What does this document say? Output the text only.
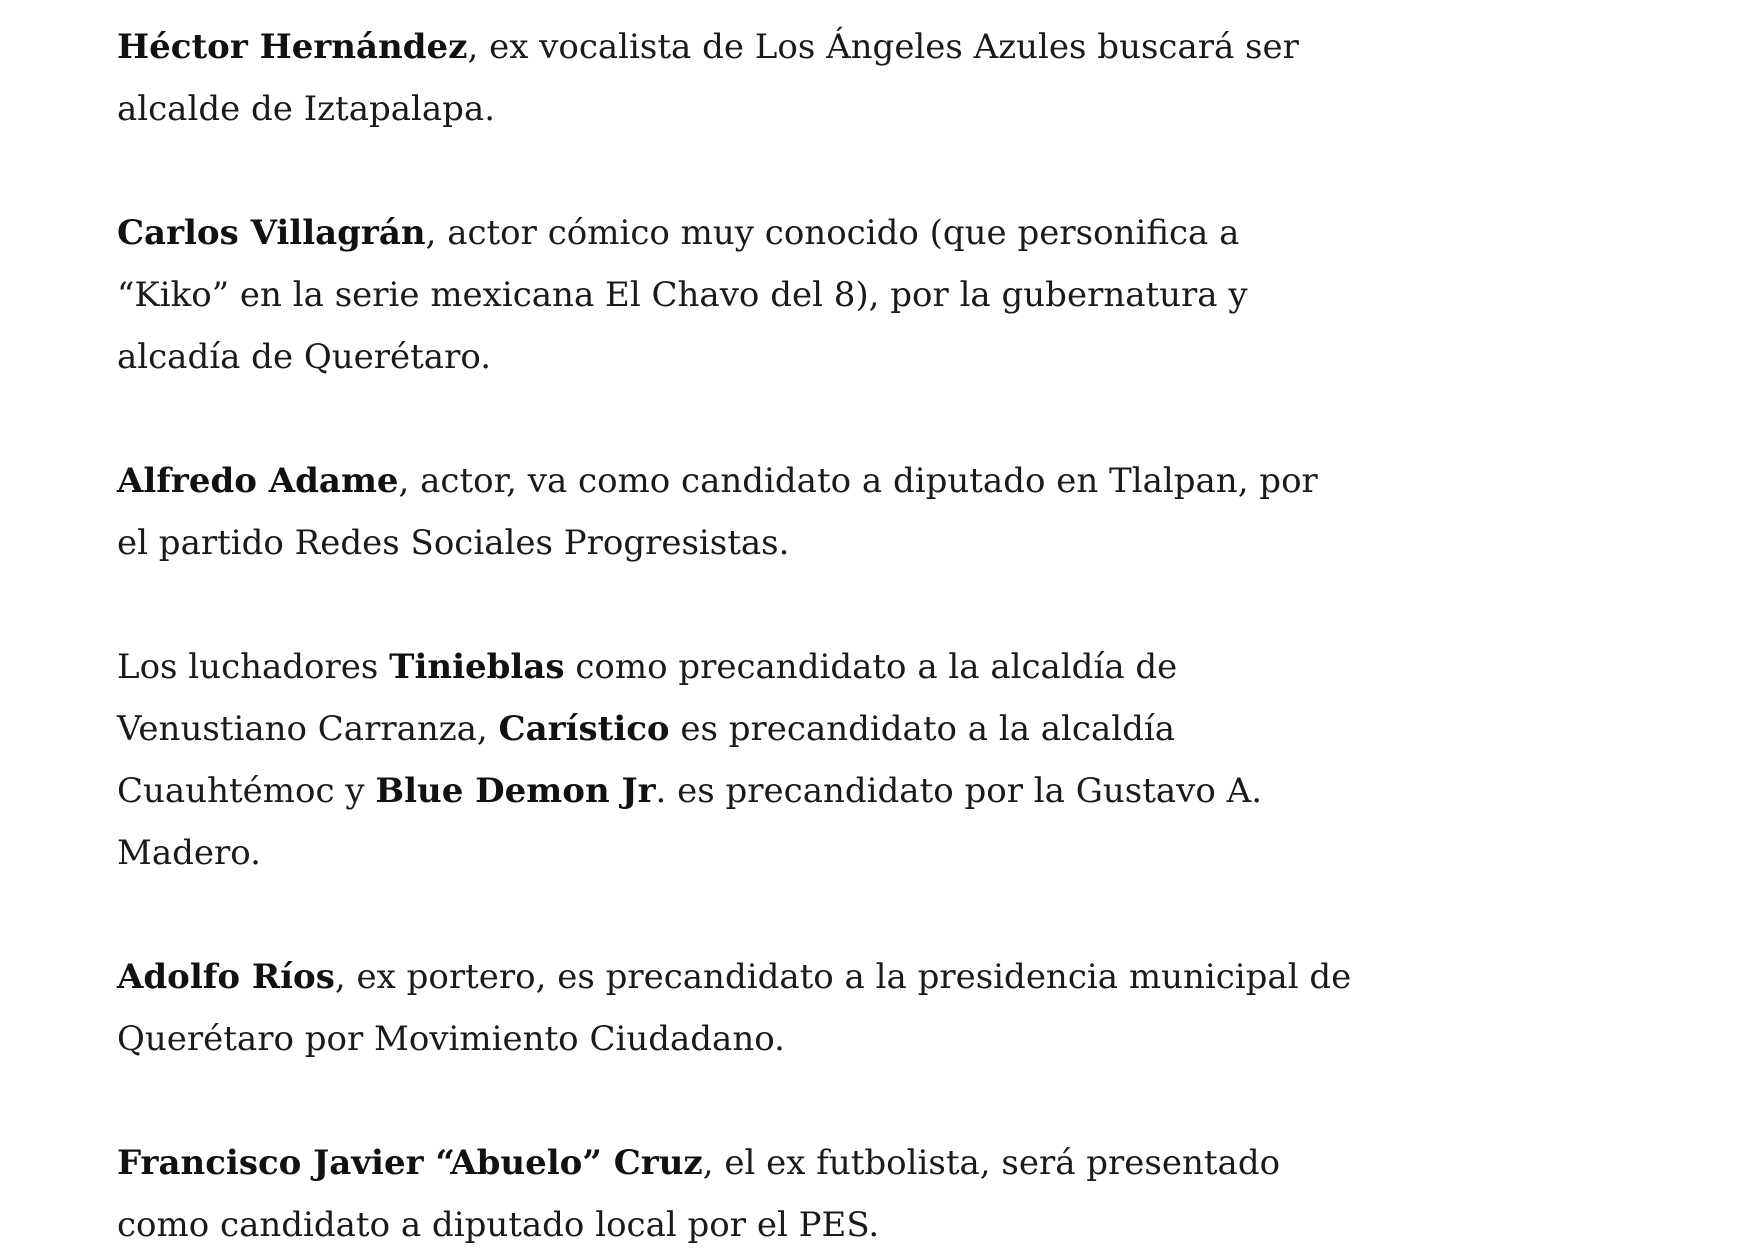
Héctor Hernández, ex vocalista de Los Ángeles Azules buscará ser alcalde de Iztapalapa.

Carlos Villagrán, actor cómico muy conocido (que personifica a “Kiko” en la serie mexicana El Chavo del 8), por la gubernatura y alcadía de Querétaro.

Alfredo Adame, actor, va como candidato a diputado en Tlalpan, por el partido Redes Sociales Progresistas.

Los luchadores Tinieblas como precandidato a la alcaldía de Venustiano Carranza, Carístico es precandidato a la alcaldía Cuauhtémoc y Blue Demon Jr. es precandidato por la Gustavo A. Madero.

Adolfo Ríos, ex portero, es precandidato a la presidencia municipal de Querétaro por Movimiento Ciudadano.

Francisco Javier “Abuelo” Cruz, el ex futbolista, será presentado como candidato a diputado local por el PES.
